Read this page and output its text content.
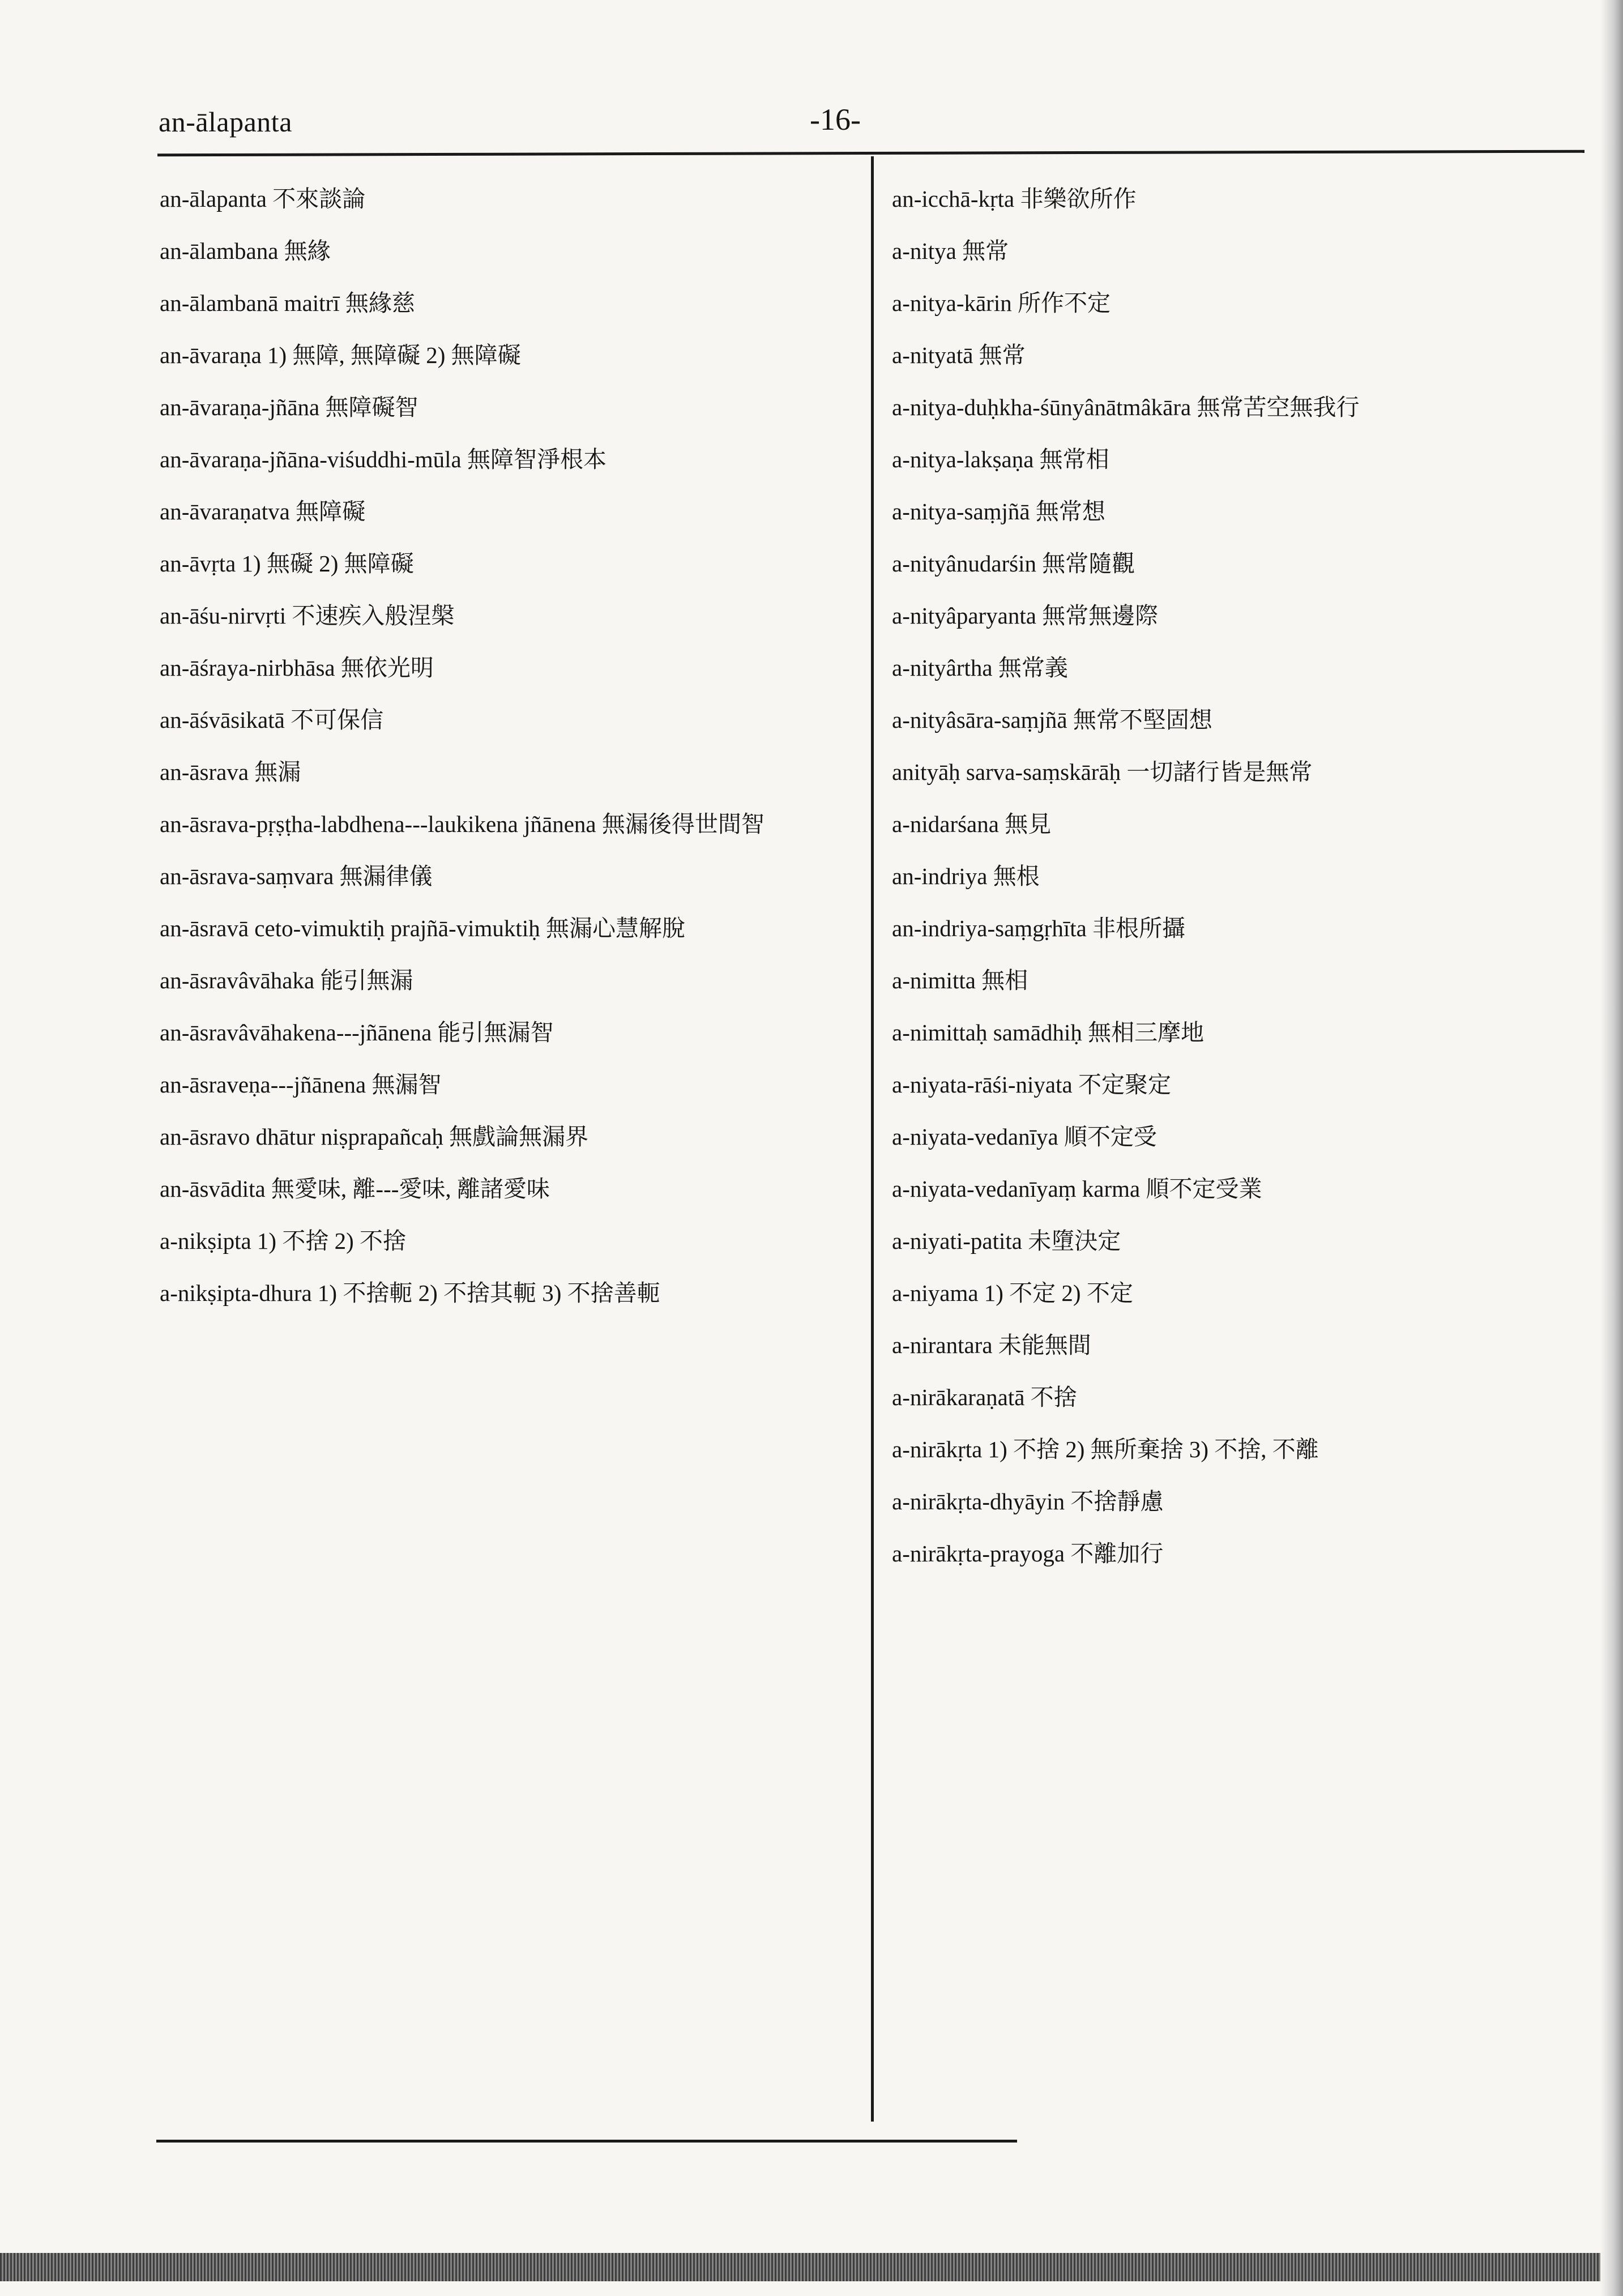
an-ālapanta	-16-

an-ālapanta 不來談論

an-ālambana 無緣

an-ālambanā maitrī 無緣慈

an-āvaraṇa 1) 無障, 無障礙 2) 無障礙

an-āvaraṇa-jñāna 無障礙智

an-āvaraṇa-jñāna-viśuddhi-mūla 無障智淨根本

an-āvaraṇatva 無障礙

an-āvṛta 1) 無礙 2) 無障礙

an-āśu-nirvṛti 不速疾入般涅槃

an-āśraya-nirbhāsa 無依光明

an-āśvāsikatā 不可保信

an-āsrava 無漏

an-āsrava-pṛṣṭha-labdhena---laukikena jñānena 無漏後得世間智

an-āsrava-saṃvara 無漏律儀

an-āsravā ceto-vimuktiḥ prajñā-vimuktiḥ 無漏心慧解脫

an-āsravâvāhaka 能引無漏

an-āsravâvāhakena---jñānena 能引無漏智

an-āsraveṇa---jñānena 無漏智

an-āsravo dhātur niṣprapañcaḥ 無戲論無漏界

an-āsvādita 無愛味, 離---愛味, 離諸愛味

a-nikṣipta 1) 不捨 2) 不捨

a-nikṣipta-dhura 1) 不捨軛 2) 不捨其軛 3) 不捨善軛

an-icchā-kṛta 非樂欲所作

a-nitya 無常

a-nitya-kārin 所作不定

a-nityatā 無常

a-nitya-duḥkha-śūnyânātmâkāra 無常苦空無我行

a-nitya-lakṣaṇa 無常相

a-nitya-saṃjñā 無常想

a-nityânudarśin 無常隨觀

a-nityâparyanta 無常無邊際

a-nityârtha 無常義

a-nityâsāra-saṃjñā 無常不堅固想

anityāḥ sarva-saṃskārāḥ 一切諸行皆是無常

a-nidarśana 無見

an-indriya 無根

an-indriya-saṃgṛhīta 非根所攝

a-nimitta 無相

a-nimittaḥ samādhiḥ 無相三摩地

a-niyata-rāśi-niyata 不定聚定

a-niyata-vedanīya 順不定受

a-niyata-vedanīyaṃ karma 順不定受業

a-niyati-patita 未墮決定

a-niyama 1) 不定 2) 不定

a-nirantara 未能無間

a-nirākaraṇatā 不捨

a-nirākṛta 1) 不捨 2) 無所棄捨 3) 不捨, 不離

a-nirākṛta-dhyāyin 不捨靜慮

a-nirākṛta-prayoga 不離加行
